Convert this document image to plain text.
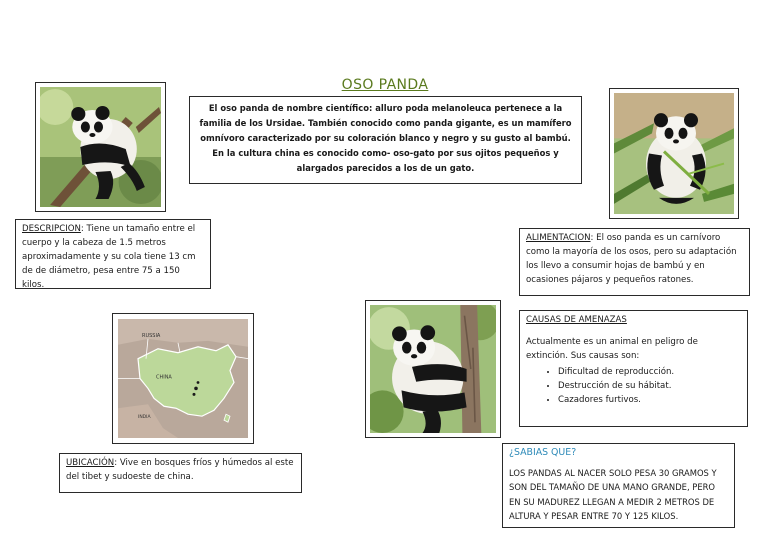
OSO PANDA

El oso panda de nombre científico: alluro poda melanoleuca pertenece a la familia de los Ursidae. También conocido como panda gigante, es un mamífero omnívoro caracterizado por su coloración blanco y negro y su gusto al bambú. En la cultura china es conocido como- oso-gato por sus ojitos pequeños y alargados parecidos a los de un gato.

DESCRIPCION: Tiene un tamaño entre el cuerpo y la cabeza de 1.5 metros aproximadamente y su cola tiene 13 cm de de diámetro, pesa entre 75 a 150 kilos.
ALIMENTACION: El oso panda es un carnívoro como la mayoría de los osos, pero su adaptación los llevo a consumir hojas de bambú y en ocasiones pájaros y pequeños ratones.
RUSSIA
CHINA
INDIA
CAUSAS DE AMENAZAS
Actualmente es un animal en peligro de extinción. Sus causas son:
• Dificultad de reproducción.
• Destrucción de su hábitat.
• Cazadores furtivos.
UBICACIÓN: Vive en bosques fríos y húmedos al este del tibet y sudoeste de china.
¿SABIAS QUE?

LOS PANDAS AL NACER SOLO PESA 30 GRAMOS Y SON DEL TAMAÑO DE UNA MANO GRANDE, PERO EN SU MADUREZ LLEGAN A MEDIR 2 METROS DE ALTURA Y PESAR ENTRE 70 Y 125 KILOS.
